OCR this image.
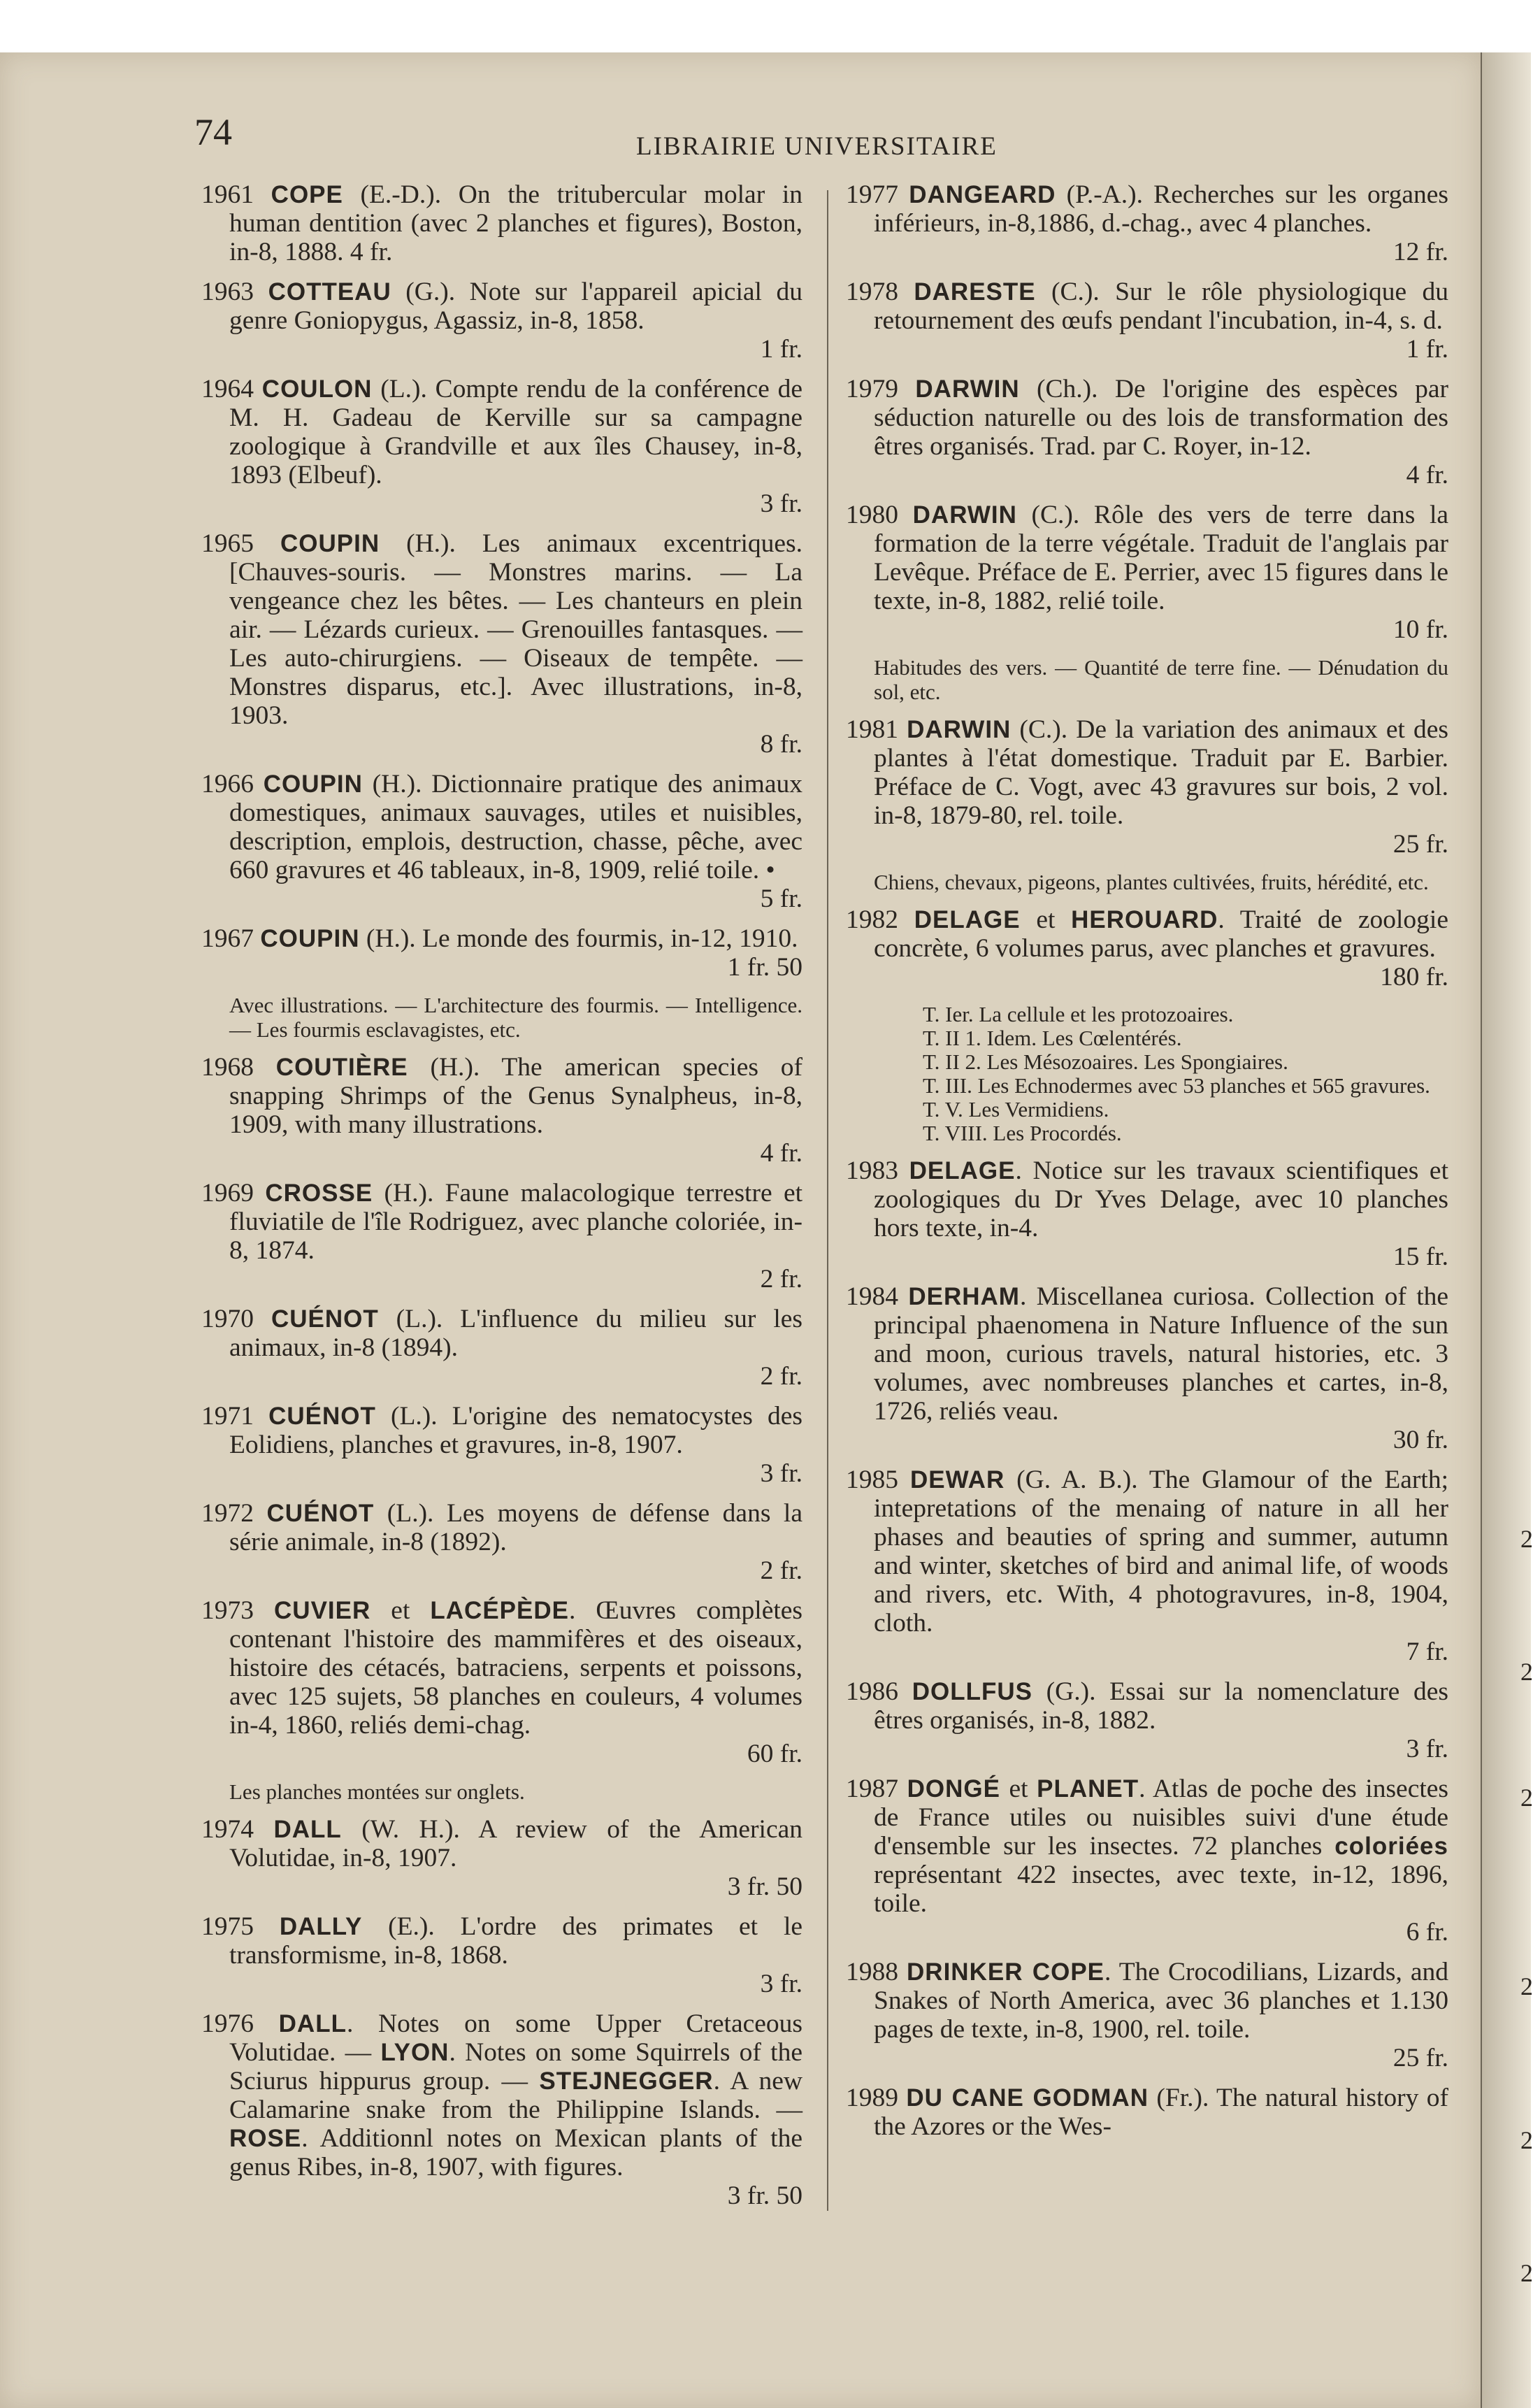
74	LIBRAIRIE UNIVERSITAIRE
1961 COPE (E.-D.). On the tritubercular molar in human dentition (avec 2 planches et figures), Boston, in-8, 1888. 4 fr.
1963 COTTEAU (G.). Note sur l'appareil apicial du genre Goniopygus, Agassiz, in-8, 1858.
1 fr.
1964 COULON (L.). Compte rendu de la conférence de M. H. Gadeau de Kerville sur sa campagne zoologique à Grandville et aux îles Chausey, in-8, 1893 (Elbeuf).
3 fr.
1965 COUPIN (H.). Les animaux excentriques. [Chauves-souris. — Monstres marins. — La vengeance chez les bêtes. — Les chanteurs en plein air. — Lézards curieux. — Grenouilles fantasques. — Les auto-chirurgiens. — Oiseaux de tempête. — Monstres disparus, etc.]. Avec illustrations, in-8, 1903.
8 fr.
1966 COUPIN (H.). Dictionnaire pratique des animaux domestiques, animaux sauvages, utiles et nuisibles, description, emplois, destruction, chasse, pêche, avec 660 gravures et 46 tableaux, in-8, 1909, relié toile. •
5 fr.
1967 COUPIN (H.). Le monde des fourmis, in-12, 1910.
1 fr. 50
Avec illustrations. — L'architecture des fourmis. — Intelligence. — Les fourmis esclavagistes, etc.
1968 COUTIÈRE (H.). The american species of snapping Shrimps of the Genus Synalpheus, in-8, 1909, with many illustrations.
4 fr.
1969 CROSSE (H.). Faune malacologique terrestre et fluviatile de l'île Rodriguez, avec planche coloriée, in-8, 1874.
2 fr.
1970 CUÉNOT (L.). L'influence du milieu sur les animaux, in-8 (1894).
2 fr.
1971 CUÉNOT (L.). L'origine des nematocystes des Eolidiens, planches et gravures, in-8, 1907.
3 fr.
1972 CUÉNOT (L.). Les moyens de défense dans la série animale, in-8 (1892).
2 fr.
1973 CUVIER et LACÉPÈDE. Œuvres complètes contenant l'histoire des mammifères et des oiseaux, histoire des cétacés, batraciens, serpents et poissons, avec 125 sujets, 58 planches en couleurs, 4 volumes in-4, 1860, reliés demi-chag.
60 fr.
Les planches montées sur onglets.
1974 DALL (W. H.). A review of the American Volutidae, in-8, 1907.
3 fr. 50
1975 DALLY (E.). L'ordre des primates et le transformisme, in-8, 1868.
3 fr.
1976 DALL. Notes on some Upper Cretaceous Volutidae. — LYON. Notes on some Squirrels of the Sciurus hippurus group. — STEJNEGGER. A new Calamarine snake from the Philippine Islands. — ROSE. Additionnl notes on Mexican plants of the genus Ribes, in-8, 1907, with figures.
3 fr. 50
1977 DANGEARD (P.-A.). Recherches sur les organes inférieurs, in-8,1886, d.-chag., avec 4 planches.
12 fr.
1978 DARESTE (C.). Sur le rôle physiologique du retournement des œufs pendant l'incubation, in-4, s. d.
1 fr.
1979 DARWIN (Ch.). De l'origine des espèces par séduction naturelle ou des lois de transformation des êtres organisés. Trad. par C. Royer, in-12.
4 fr.
1980 DARWIN (C.). Rôle des vers de terre dans la formation de la terre végétale. Traduit de l'anglais par Levêque. Préface de E. Perrier, avec 15 figures dans le texte, in-8, 1882, relié toile.
10 fr.
Habitudes des vers. — Quantité de terre fine. — Dénudation du sol, etc.
1981 DARWIN (C.). De la variation des animaux et des plantes à l'état domestique. Traduit par E. Barbier. Préface de C. Vogt, avec 43 gravures sur bois, 2 vol. in-8, 1879-80, rel. toile.
25 fr.
Chiens, chevaux, pigeons, plantes cultivées, fruits, hérédité, etc.
1982 DELAGE et HEROUARD. Traité de zoologie concrète, 6 volumes parus, avec planches et gravures.
180 fr.
T. Ier. La cellule et les protozoaires.
T. II 1. Idem. Les Cœlentérés.
T. II 2. Les Mésozoaires. Les Spongiaires.
T. III. Les Echnodermes avec 53 planches et 565 gravures.
T. V. Les Vermidiens.
T. VIII. Les Procordés.
1983 DELAGE. Notice sur les travaux scientifiques et zoologiques du Dr Yves Delage, avec 10 planches hors texte, in-4.
15 fr.
1984 DERHAM. Miscellanea curiosa. Collection of the principal phaenomena in Nature Influence of the sun and moon, curious travels, natural histories, etc. 3 volumes, avec nombreuses planches et cartes, in-8, 1726, reliés veau.
30 fr.
1985 DEWAR (G. A. B.). The Glamour of the Earth; intepretations of the menaing of nature in all her phases and beauties of spring and summer, autumn and winter, sketches of bird and animal life, of woods and rivers, etc. With, 4 photogravures, in-8, 1904, cloth.
7 fr.
1986 DOLLFUS (G.). Essai sur la nomenclature des êtres organisés, in-8, 1882.
3 fr.
1987 DONGÉ et PLANET. Atlas de poche des insectes de France utiles ou nuisibles suivi d'une étude d'ensemble sur les insectes. 72 planches coloriées représentant 422 insectes, avec texte, in-12, 1896, toile.
6 fr.
1988 DRINKER COPE. The Crocodilians, Lizards, and Snakes of North America, avec 36 planches et 1.130 pages de texte, in-8, 1900, rel. toile.
25 fr.
1989 DU CANE GODMAN (Fr.). The natural history of the Azores or the Wes-
2
2
2
2
2
2
